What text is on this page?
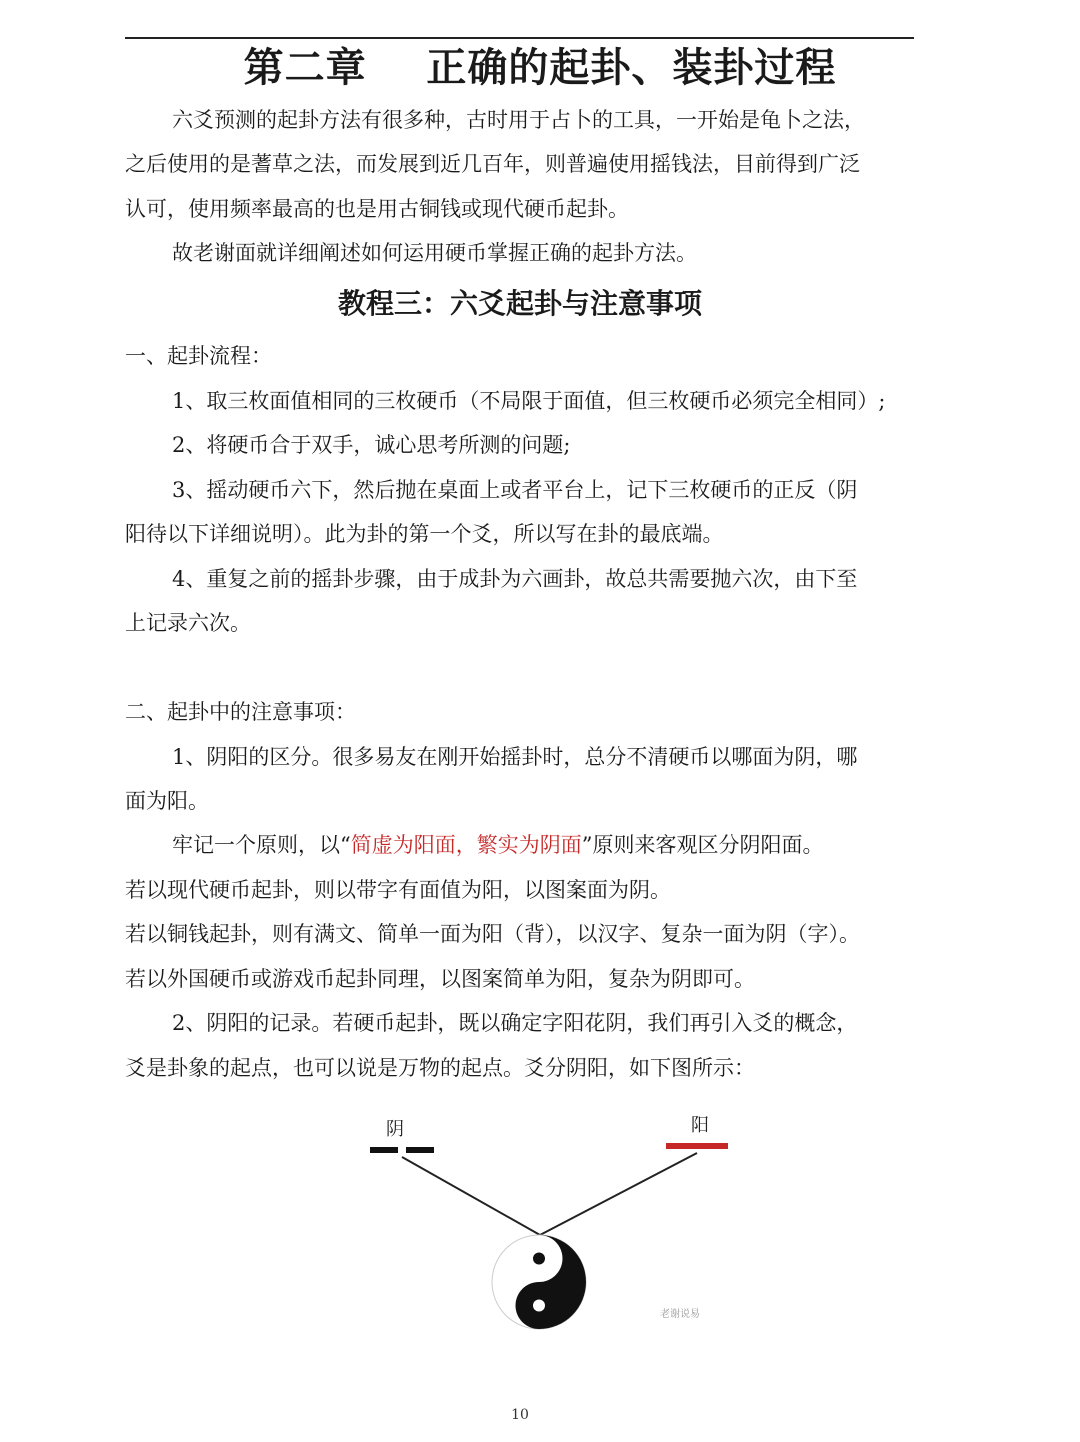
第二章    正确的起卦、装卦过程
六爻预测的起卦方法有很多种，古时用于占卜的工具，一开始是龟卜之法，
之后使用的是蓍草之法，而发展到近几百年，则普遍使用摇钱法，目前得到广泛
认可，使用频率最高的也是用古铜钱或现代硬币起卦。
故老谢面就详细阐述如何运用硬币掌握正确的起卦方法。
教程三：六爻起卦与注意事项
一、起卦流程：
1、取三枚面值相同的三枚硬币（不局限于面值，但三枚硬币必须完全相同）;
2、将硬币合于双手，诚心思考所测的问题;
3、摇动硬币六下，然后抛在桌面上或者平台上，记下三枚硬币的正反（阴
阳待以下详细说明）。此为卦的第一个爻，所以写在卦的最底端。
4、重复之前的摇卦步骤，由于成卦为六画卦，故总共需要抛六次，由下至
上记录六次。
二、起卦中的注意事项：
1、阴阳的区分。很多易友在刚开始摇卦时，总分不清硬币以哪面为阴，哪
面为阳。
牢记一个原则，以“简虚为阳面，繁实为阴面”原则来客观区分阴阳面。
若以现代硬币起卦，则以带字有面值为阳，以图案面为阴。
若以铜钱起卦，则有满文、简单一面为阳（背），以汉字、复杂一面为阴（字）。
若以外国硬币或游戏币起卦同理，以图案简单为阳，复杂为阴即可。
2、阴阳的记录。若硬币起卦，既以确定字阳花阴，我们再引入爻的概念，
爻是卦象的起点，也可以说是万物的起点。爻分阴阳，如下图所示：
阴	阳
老谢说易
10
